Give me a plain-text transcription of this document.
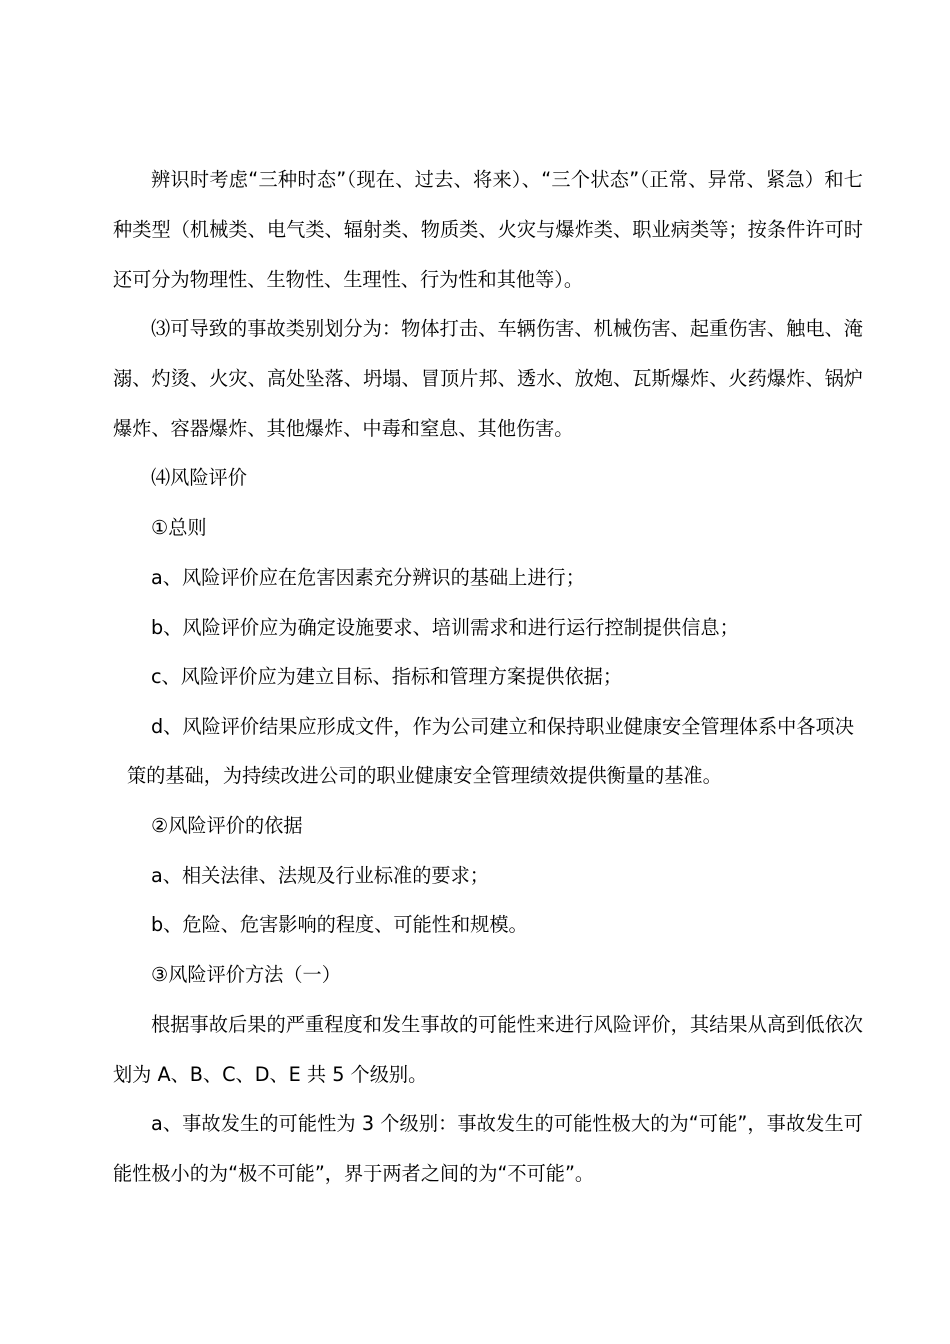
辨识时考虑“三种时态”（现在、过去、将来）、“三个状态”（正常、异常、紧急）和七种类型（机械类、电气类、辐射类、物质类、火灾与爆炸类、职业病类等；按条件许可时还可分为物理性、生物性、生理性、行为性和其他等）。

⑶可导致的事故类别划分为：物体打击、车辆伤害、机械伤害、起重伤害、触电、淹溺、灼烫、火灾、高处坠落、坍塌、冒顶片邦、透水、放炮、瓦斯爆炸、火药爆炸、锅炉爆炸、容器爆炸、其他爆炸、中毒和窒息、其他伤害。

⑷风险评价

①总则

a、风险评价应在危害因素充分辨识的基础上进行；

b、风险评价应为确定设施要求、培训需求和进行运行控制提供信息；

c、风险评价应为建立目标、指标和管理方案提供依据；

d、风险评价结果应形成文件，作为公司建立和保持职业健康安全管理体系中各项决

策的基础，为持续改进公司的职业健康安全管理绩效提供衡量的基准。

②风险评价的依据

a、相关法律、法规及行业标准的要求；

b、危险、危害影响的程度、可能性和规模。

③风险评价方法（一）

根据事故后果的严重程度和发生事故的可能性来进行风险评价，其结果从高到低依次划为 A、B、C、D、E 共 5 个级别。

a、事故发生的可能性为 3 个级别：事故发生的可能性极大的为“可能”，事故发生可能性极小的为“极不可能”，界于两者之间的为“不可能”。
